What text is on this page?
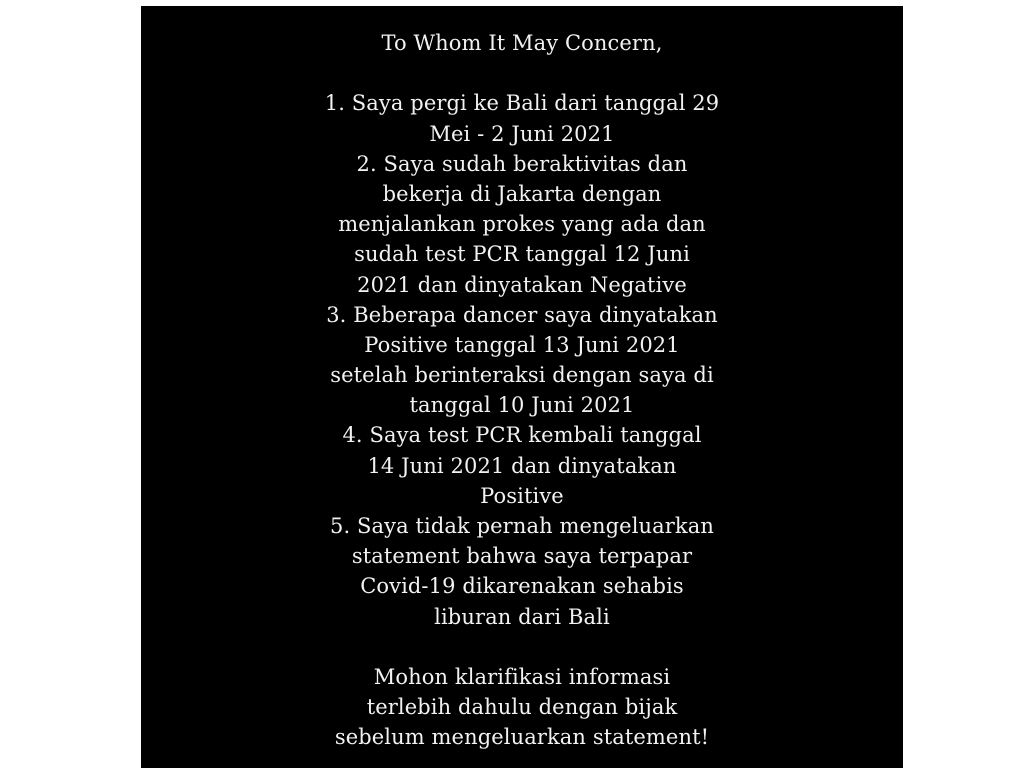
To Whom It May Concern,
1. Saya pergi ke Bali dari tanggal 29
Mei - 2 Juni 2021
2. Saya sudah beraktivitas dan
bekerja di Jakarta dengan
menjalankan prokes yang ada dan
sudah test PCR tanggal 12 Juni
2021 dan dinyatakan Negative
3. Beberapa dancer saya dinyatakan
Positive tanggal 13 Juni 2021
setelah berinteraksi dengan saya di
tanggal 10 Juni 2021
4. Saya test PCR kembali tanggal
14 Juni 2021 dan dinyatakan
Positive
5. Saya tidak pernah mengeluarkan
statement bahwa saya terpapar
Covid-19 dikarenakan sehabis
liburan dari Bali
Mohon klarifikasi informasi
terlebih dahulu dengan bijak
sebelum mengeluarkan statement!
